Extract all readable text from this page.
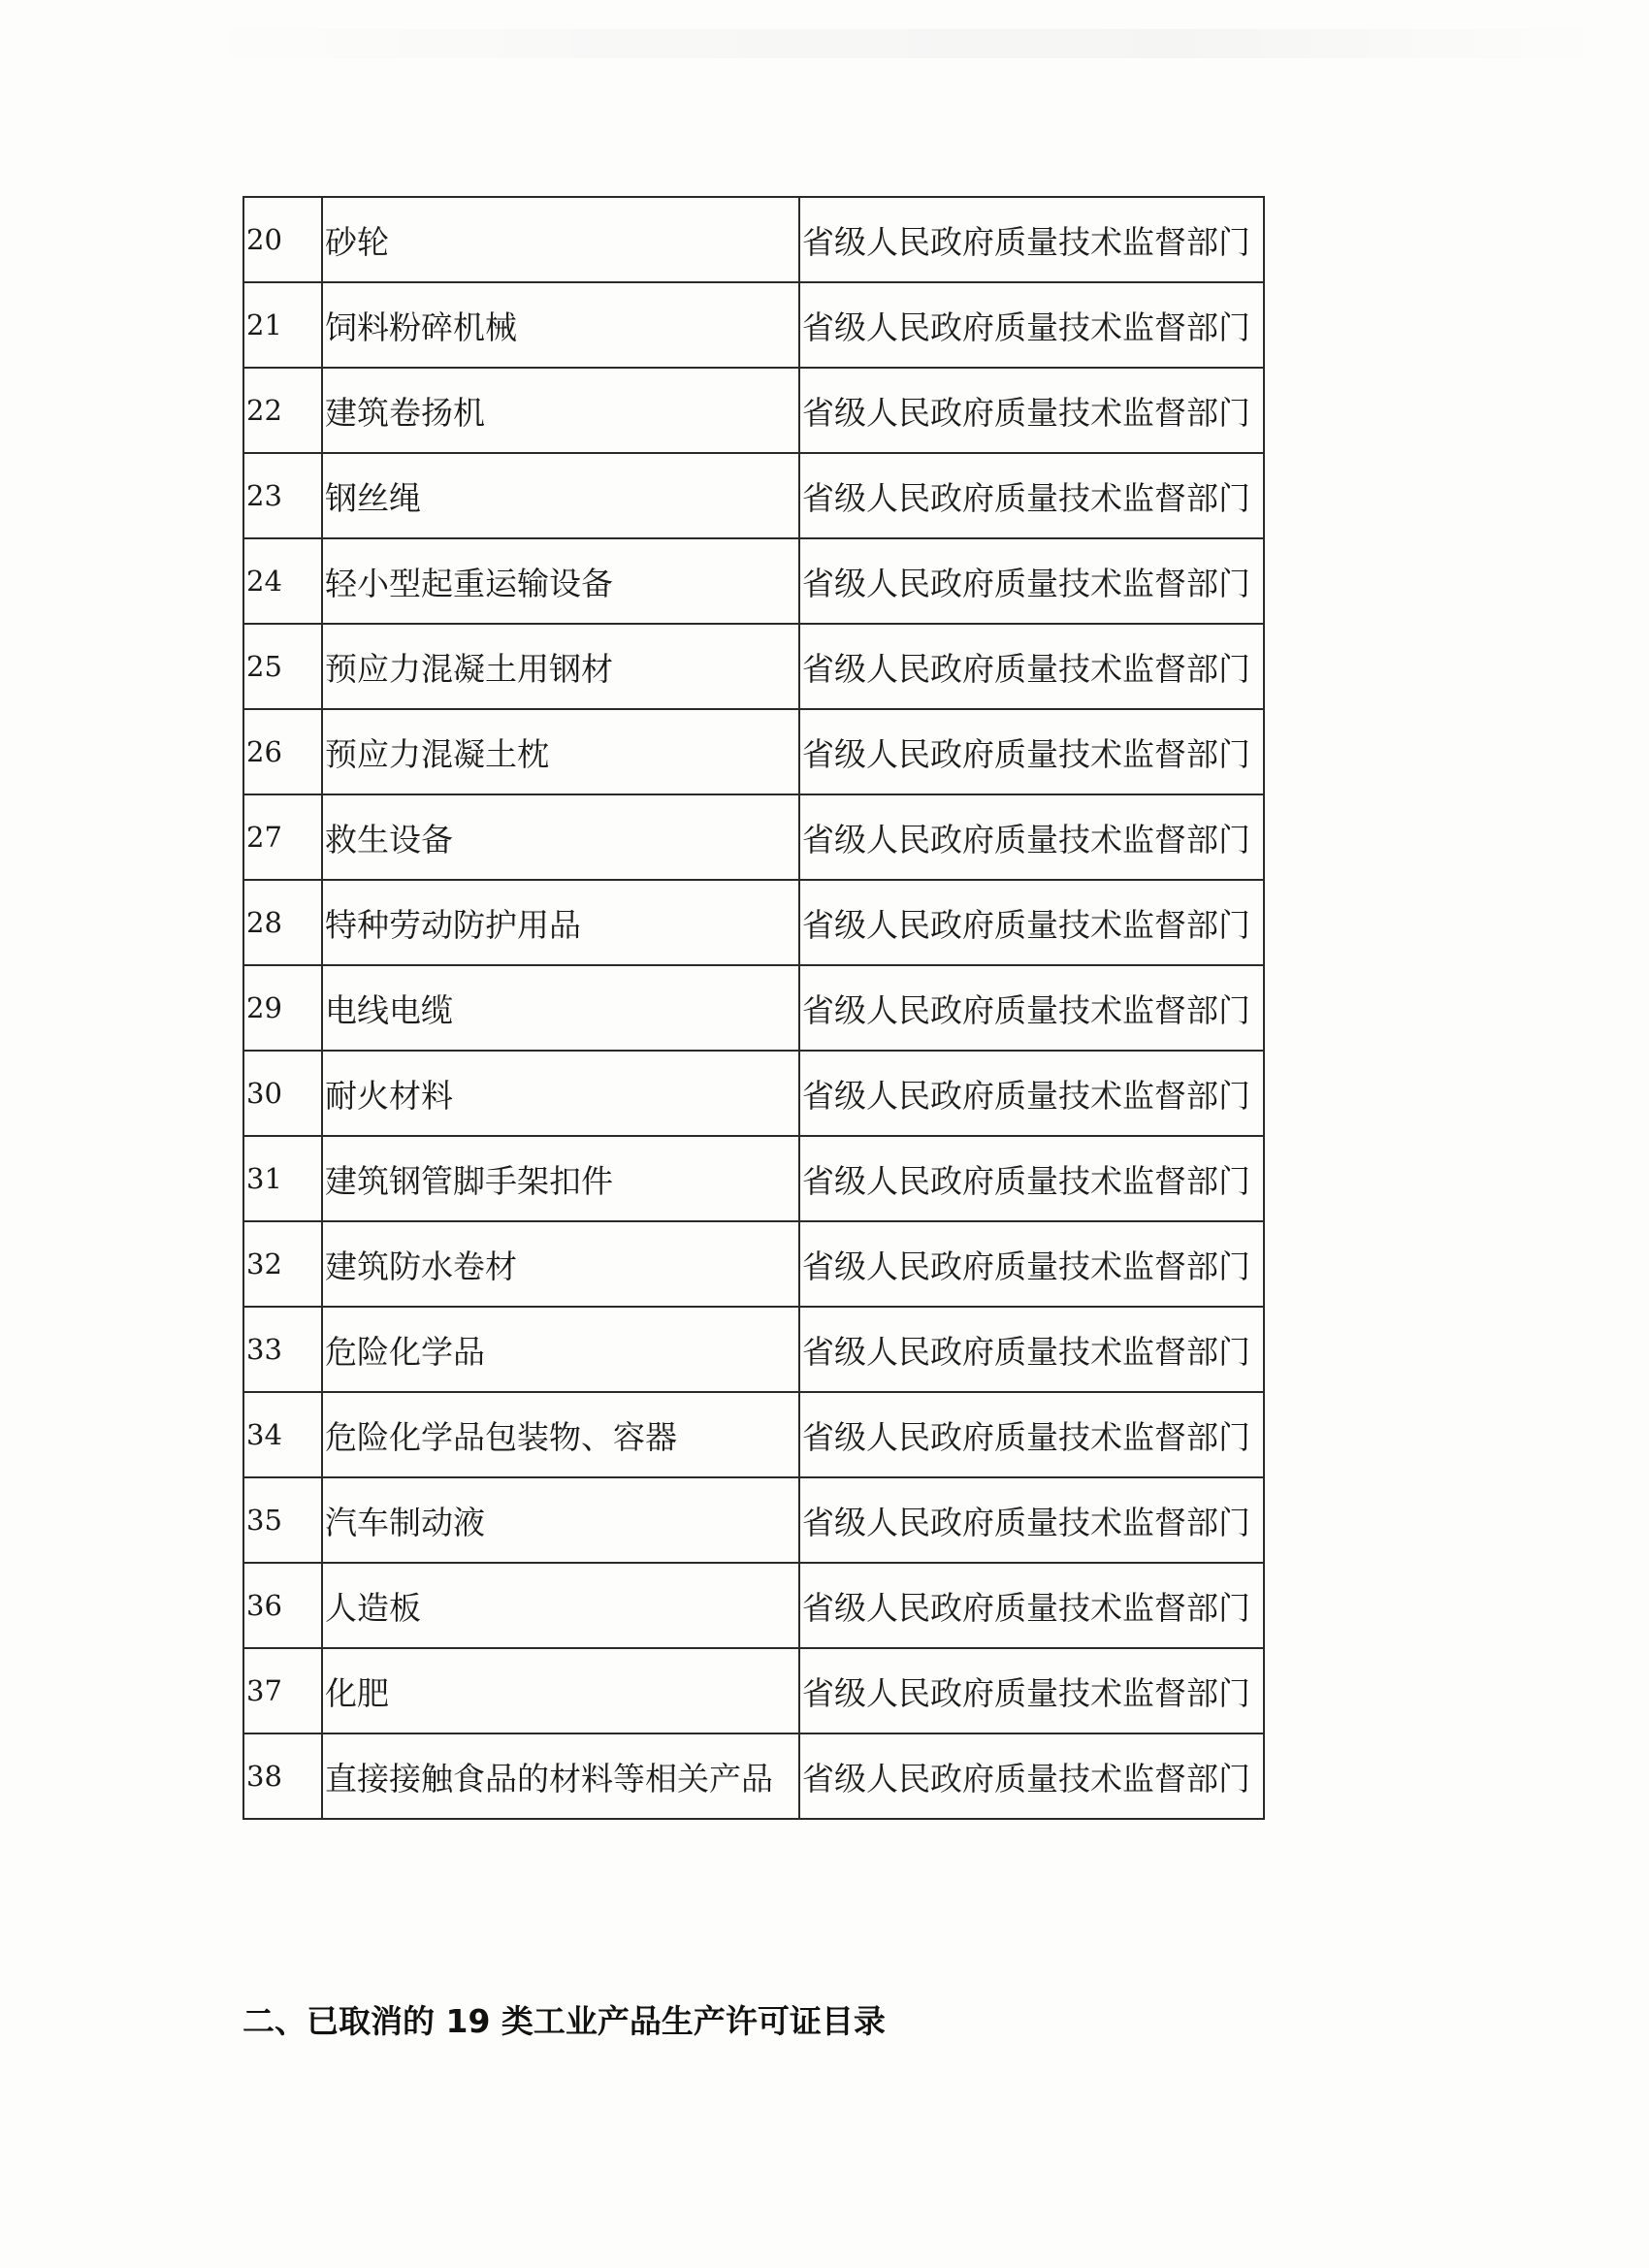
20	砂轮	省级人民政府质量技术监督部门
21	饲料粉碎机械	省级人民政府质量技术监督部门
22	建筑卷扬机	省级人民政府质量技术监督部门
23	钢丝绳	省级人民政府质量技术监督部门
24	轻小型起重运输设备	省级人民政府质量技术监督部门
25	预应力混凝土用钢材	省级人民政府质量技术监督部门
26	预应力混凝土枕	省级人民政府质量技术监督部门
27	救生设备	省级人民政府质量技术监督部门
28	特种劳动防护用品	省级人民政府质量技术监督部门
29	电线电缆	省级人民政府质量技术监督部门
30	耐火材料	省级人民政府质量技术监督部门
31	建筑钢管脚手架扣件	省级人民政府质量技术监督部门
32	建筑防水卷材	省级人民政府质量技术监督部门
33	危险化学品	省级人民政府质量技术监督部门
34	危险化学品包装物、容器	省级人民政府质量技术监督部门
35	汽车制动液	省级人民政府质量技术监督部门
36	人造板	省级人民政府质量技术监督部门
37	化肥	省级人民政府质量技术监督部门
38	直接接触食品的材料等相关产品	省级人民政府质量技术监督部门
二、已取消的 19 类工业产品生产许可证目录
